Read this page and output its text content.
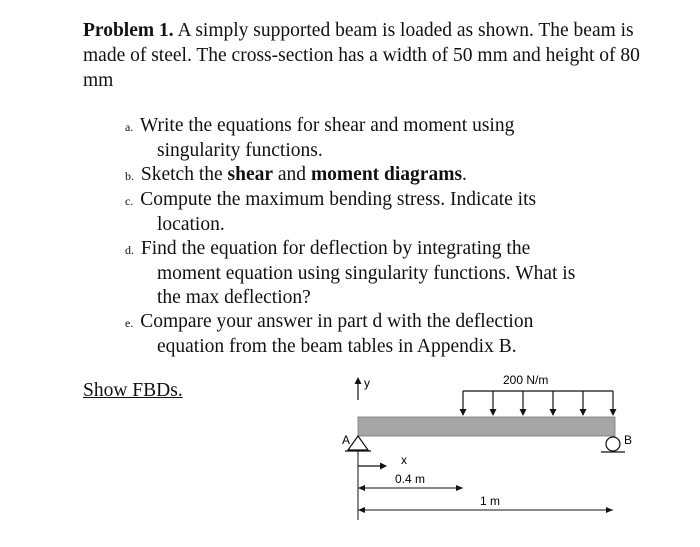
Problem 1. A simply supported beam is loaded as shown. The beam is made of steel. The cross-section has a width of 50 mm and height of 80 mm
a. Write the equations for shear and moment using
singularity functions.
b. Sketch the shear and moment diagrams.
c. Compute the maximum bending stress. Indicate its
location.
d. Find the equation for deflection by integrating the
moment equation using singularity functions. What is
the max deflection?
e. Compare your answer in part d with the deflection
equation from the beam tables in Appendix B.
Show FBDs.	y	200 N/m
A	B
x
0.4 m
1 m
